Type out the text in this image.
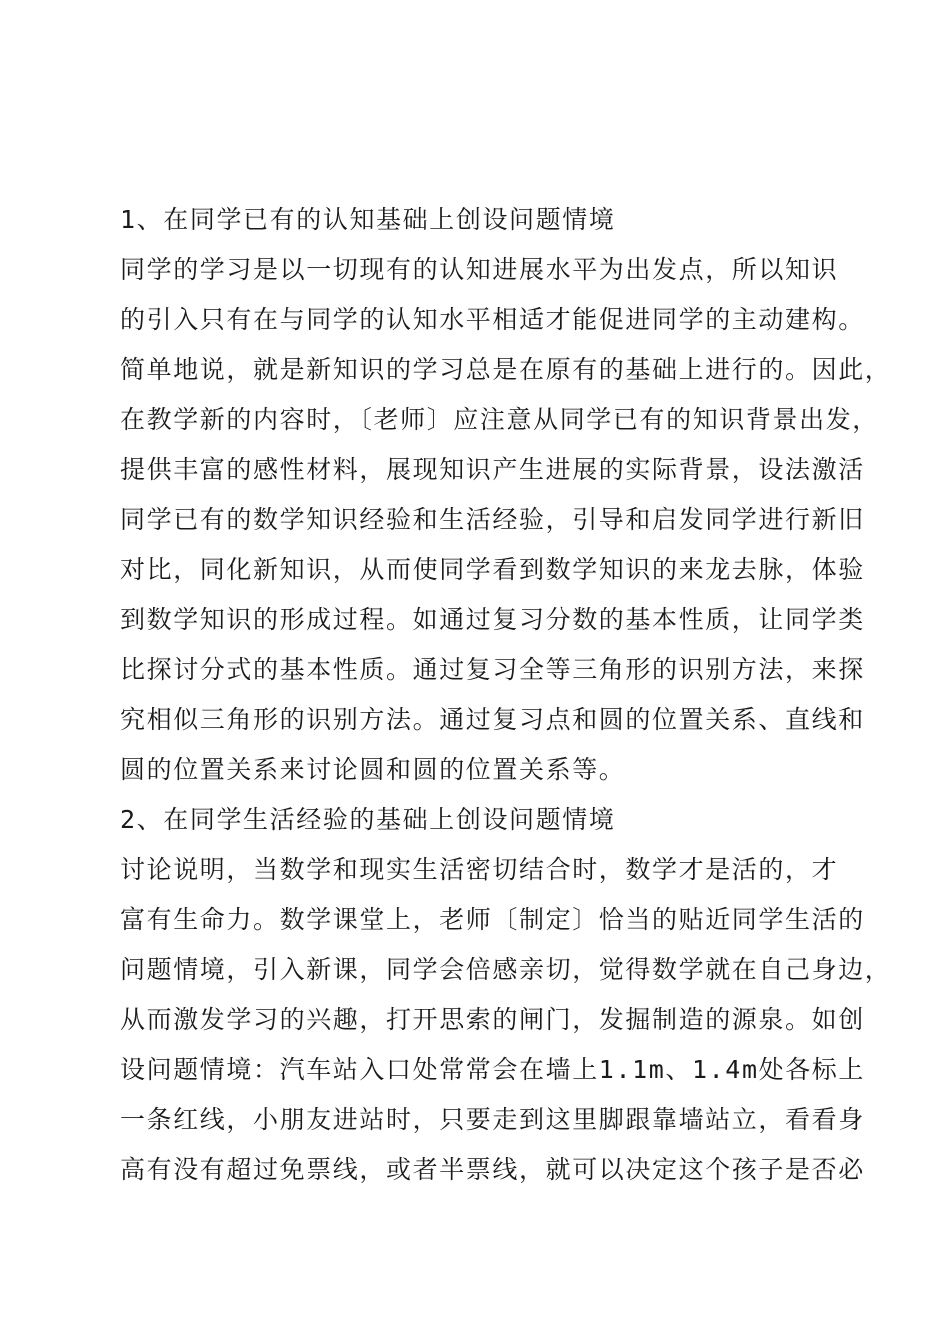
1、在同学已有的认知基础上创设问题情境
同学的学习是以一切现有的认知进展水平为出发点，所以知识
的引入只有在与同学的认知水平相适才能促进同学的主动建构。
简单地说，就是新知识的学习总是在原有的基础上进行的。因此，
在教学新的内容时，〔老师〕应注意从同学已有的知识背景出发，
提供丰富的感性材料，展现知识产生进展的实际背景，设法激活
同学已有的数学知识经验和生活经验，引导和启发同学进行新旧
对比，同化新知识，从而使同学看到数学知识的来龙去脉，体验
到数学知识的形成过程。如通过复习分数的基本性质，让同学类
比探讨分式的基本性质。通过复习全等三角形的识别方法，来探
究相似三角形的识别方法。通过复习点和圆的位置关系、直线和
圆的位置关系来讨论圆和圆的位置关系等。
2、在同学生活经验的基础上创设问题情境
讨论说明，当数学和现实生活密切结合时，数学才是活的，才
富有生命力。数学课堂上，老师〔制定〕恰当的贴近同学生活的
问题情境，引入新课，同学会倍感亲切，觉得数学就在自己身边，
从而激发学习的兴趣，打开思索的闸门，发掘制造的源泉。如创
设问题情境：汽车站入口处常常会在墙上1.1m、1.4m处各标上
一条红线，小朋友进站时，只要走到这里脚跟靠墙站立，看看身
高有没有超过免票线，或者半票线，就可以决定这个孩子是否必
